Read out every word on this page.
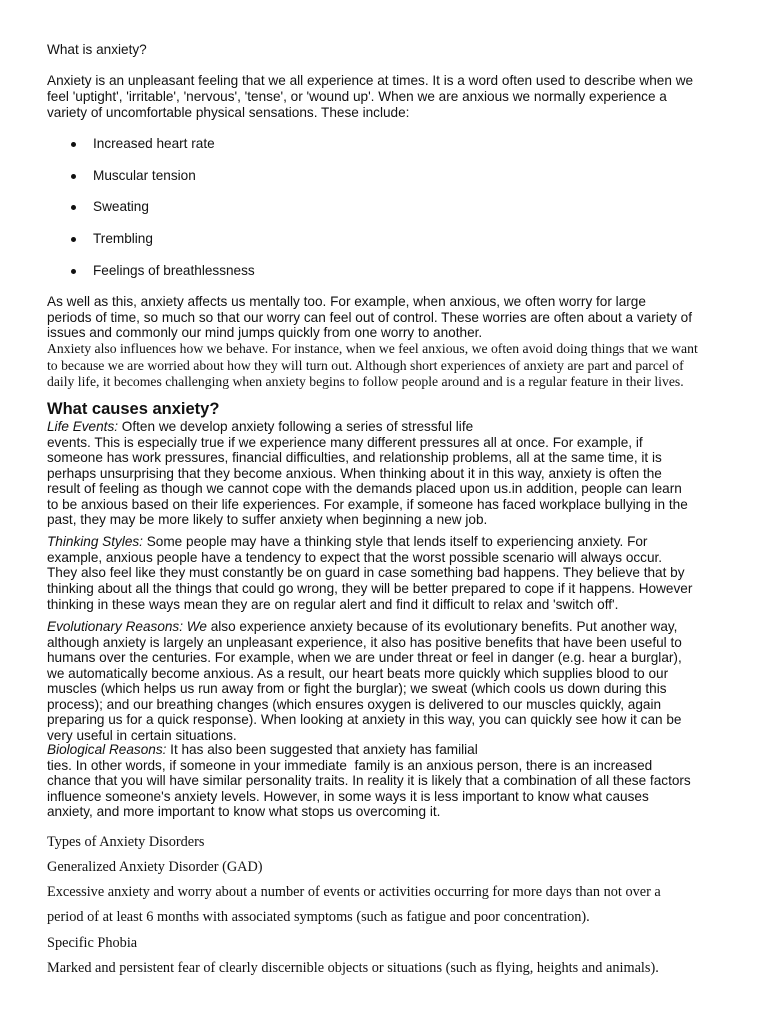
What is anxiety?
Anxiety is an unpleasant feeling that we all experience at times. It is a word often used to describe when we
feel 'uptight', 'irritable', 'nervous', 'tense', or 'wound up'. When we are anxious we normally experience a
variety of uncomfortable physical sensations. These include:
Increased heart rate
Muscular tension
Sweating
Trembling
Feelings of breathlessness
As well as this, anxiety affects us mentally too. For example, when anxious, we often worry for large
periods of time, so much so that our worry can feel out of control. These worries are often about a variety of
issues and commonly our mind jumps quickly from one worry to another.
Anxiety also influences how we behave. For instance, when we feel anxious, we often avoid doing things that we want
to because we are worried about how they will turn out. Although short experiences of anxiety are part and parcel of
daily life, it becomes challenging when anxiety begins to follow people around and is a regular feature in their lives.
What causes anxiety?
Life Events: Often we develop anxiety following a series of stressful life
events. This is especially true if we experience many different pressures all at once. For example, if
someone has work pressures, financial difficulties, and relationship problems, all at the same time, it is
perhaps unsurprising that they become anxious. When thinking about it in this way, anxiety is often the
result of feeling as though we cannot cope with the demands placed upon us.in addition, people can learn
to be anxious based on their life experiences. For example, if someone has faced workplace bullying in the
past, they may be more likely to suffer anxiety when beginning a new job.
Thinking Styles: Some people may have a thinking style that lends itself to experiencing anxiety. For
example, anxious people have a tendency to expect that the worst possible scenario will always occur.
They also feel like they must constantly be on guard in case something bad happens. They believe that by
thinking about all the things that could go wrong, they will be better prepared to cope if it happens. However
thinking in these ways mean they are on regular alert and find it difficult to relax and 'switch off'.
Evolutionary Reasons: We also experience anxiety because of its evolutionary benefits. Put another way,
although anxiety is largely an unpleasant experience, it also has positive benefits that have been useful to
humans over the centuries. For example, when we are under threat or feel in danger (e.g. hear a burglar),
we automatically become anxious. As a result, our heart beats more quickly which supplies blood to our
muscles (which helps us run away from or fight the burglar); we sweat (which cools us down during this
process); and our breathing changes (which ensures oxygen is delivered to our muscles quickly, again
preparing us for a quick response). When looking at anxiety in this way, you can quickly see how it can be
very useful in certain situations.
Biological Reasons: It has also been suggested that anxiety has familial
ties. In other words, if someone in your immediate  family is an anxious person, there is an increased
chance that you will have similar personality traits. In reality it is likely that a combination of all these factors
influence someone's anxiety levels. However, in some ways it is less important to know what causes
anxiety, and more important to know what stops us overcoming it.
Types of Anxiety Disorders
Generalized Anxiety Disorder (GAD)
Excessive anxiety and worry about a number of events or activities occurring for more days than not over a
period of at least 6 months with associated symptoms (such as fatigue and poor concentration).
Specific Phobia
Marked and persistent fear of clearly discernible objects or situations (such as flying, heights and animals).
